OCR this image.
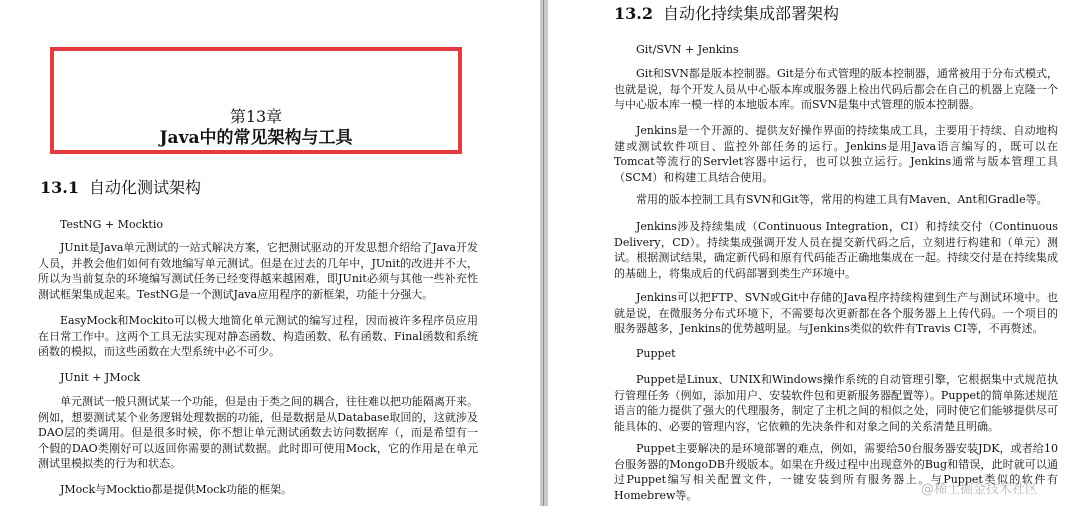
第13章
Java中的常见架构与工具
13.1 自动化测试架构
TestNG + Mocktio

JUnit是Java单元测试的一站式解决方案，它把测试驱动的开发思想介绍给了Java开发人员，并教会他们如何有效地编写单元测试。但是在过去的几年中，JUnit的改进并不大，所以为当前复杂的环境编写测试任务已经变得越来越困难，即JUnit必须与其他一些补充性测试框架集成起来。TestNG是一个测试Java应用程序的新框架，功能十分强大。

EasyMock和Mockito可以极大地简化单元测试的编写过程，因而被许多程序员应用在日常工作中。这两个工具无法实现对静态函数、构造函数、私有函数、Final函数和系统函数的模拟，而这些函数在大型系统中必不可少。

JUnit + JMock

单元测试一般只测试某一个功能，但是由于类之间的耦合，往往难以把功能隔离开来。例如，想要测试某个业务逻辑处理数据的功能，但是数据是从Database取回的，这就涉及DAO层的类调用。但是很多时候，你不想让单元测试函数去访问数据库（，而是希望有一个假的DAO类刚好可以返回你需要的测试数据。此时即可使用Mock，它的作用是在单元测试里模拟类的行为和状态。

JMock与Mocktio都是提供Mock功能的框架。

13.2 自动化持续集成部署架构
Git/SVN + Jenkins

Git和SVN都是版本控制器。Git是分布式管理的版本控制器，通常被用于分布式模式，也就是说，每个开发人员从中心版本库或服务器上检出代码后都会在自己的机器上克隆一个与中心版本库一模一样的本地版本库。而SVN是集中式管理的版本控制器。

Jenkins是一个开源的、提供友好操作界面的持续集成工具，主要用于持续、自动地构建或测试软件项目、监控外部任务的运行。Jenkins是用Java语言编写的，既可以在Tomcat等流行的Servlet容器中运行，也可以独立运行。Jenkins通常与版本管理工具（SCM）和构建工具结合使用。

常用的版本控制工具有SVN和Git等，常用的构建工具有Maven、Ant和Gradle等。

Jenkins涉及持续集成（Continuous Integration，CI）和持续交付（Continuous Delivery，CD）。持续集成强调开发人员在提交新代码之后，立刻进行构建和（单元）测试。根据测试结果，确定新代码和原有代码能否正确地集成在一起。持续交付是在持续集成的基础上，将集成后的代码部署到类生产环境中。

Jenkins可以把FTP、SVN或Git中存储的Java程序持续构建到生产与测试环境中。也就是说，在微服务分布式环境下，不需要每次更新都在各个服务器上上传代码。一个项目的服务器越多，Jenkins的优势越明显。与Jenkins类似的软件有Travis CI等，不再赘述。

Puppet

Puppet是Linux、UNIX和Windows操作系统的自动管理引擎，它根据集中式规范执行管理任务（例如，添加用户、安装软件包和更新服务器配置等）。Puppet的简单陈述规范语言的能力提供了强大的代理服务，制定了主机之间的相似之处，同时使它们能够提供尽可能具体的、必要的管理内容，它依赖的先决条件和对象之间的关系清楚且明确。

Puppet主要解决的是环境部署的难点，例如，需要给50台服务器安装JDK，或者给10台服务器的MongoDB升级版本。如果在升级过程中出现意外的Bug和错误，此时就可以通过Puppet编写相关配置文件，一键安装到所有服务器上。与Puppet类似的软件有Homebrew等。	@稀土掘金技术社区
